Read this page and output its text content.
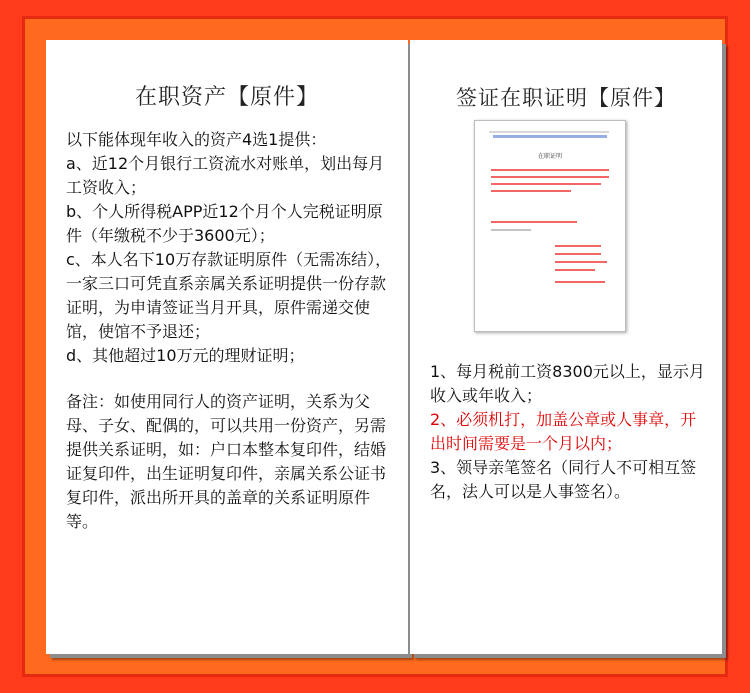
在职资产【原件】

以下能体现年收入的资产4选1提供：

a、近12个月银行工资流水对账单，划出每月工资收入；

b、个人所得税APP近12个月个人完税证明原件（年缴税不少于3600元）；

c、本人名下10万存款证明原件（无需冻结），一家三口可凭直系亲属关系证明提供一份存款证明，为申请签证当月开具，原件需递交使馆，使馆不予退还；

d、其他超过10万元的理财证明；

备注：如使用同行人的资产证明，关系为父母、子女、配偶的，可以共用一份资产，另需提供关系证明，如：户口本整本复印件，结婚证复印件，出生证明复印件，亲属关系公证书复印件，派出所开具的盖章的关系证明原件等。

签证在职证明【原件】
在职证明

1、每月税前工资8300元以上，显示月收入或年收入；

2、必须机打，加盖公章或人事章，开出时间需要是一个月以内；

3、领导亲笔签名（同行人不可相互签名，法人可以是人事签名）。
